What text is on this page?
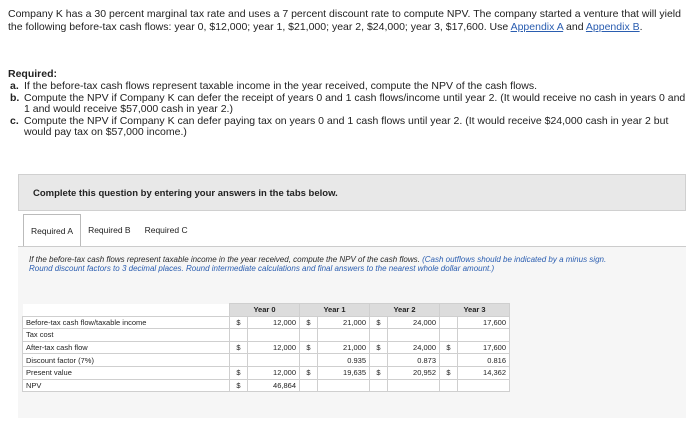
Company K has a 30 percent marginal tax rate and uses a 7 percent discount rate to compute NPV. The company started a venture that will yield the following before-tax cash flows: year 0, $12,000; year 1, $21,000; year 2, $24,000; year 3, $17,600. Use Appendix A and Appendix B.
Required:
a. If the before-tax cash flows represent taxable income in the year received, compute the NPV of the cash flows.
b. Compute the NPV if Company K can defer the receipt of years 0 and 1 cash flows/income until year 2. (It would receive no cash in years 0 and 1 and would receive $57,000 cash in year 2.)
c. Compute the NPV if Company K can defer paying tax on years 0 and 1 cash flows until year 2. (It would receive $24,000 cash in year 2 but would pay tax on $57,000 income.)
Complete this question by entering your answers in the tabs below.
Required A	Required B	Required C
If the before-tax cash flows represent taxable income in the year received, compute the NPV of the cash flows. (Cash outflows should be indicated by a minus sign. Round discount factors to 3 decimal places. Round intermediate calculations and final answers to the nearest whole dollar amount.)
	Year 0		Year 1		Year 2		Year 3	
Before-tax cash flow/taxable income	$	12,000	$	21,000	$	24,000		17,600
Tax cost								
After-tax cash flow	$	12,000	$	21,000	$	24,000	$	17,600
Discount factor (7%)				0.935		0.873		0.816
Present value	$	12,000	$	19,635	$	20,952	$	14,362
NPV	$	46,864						
